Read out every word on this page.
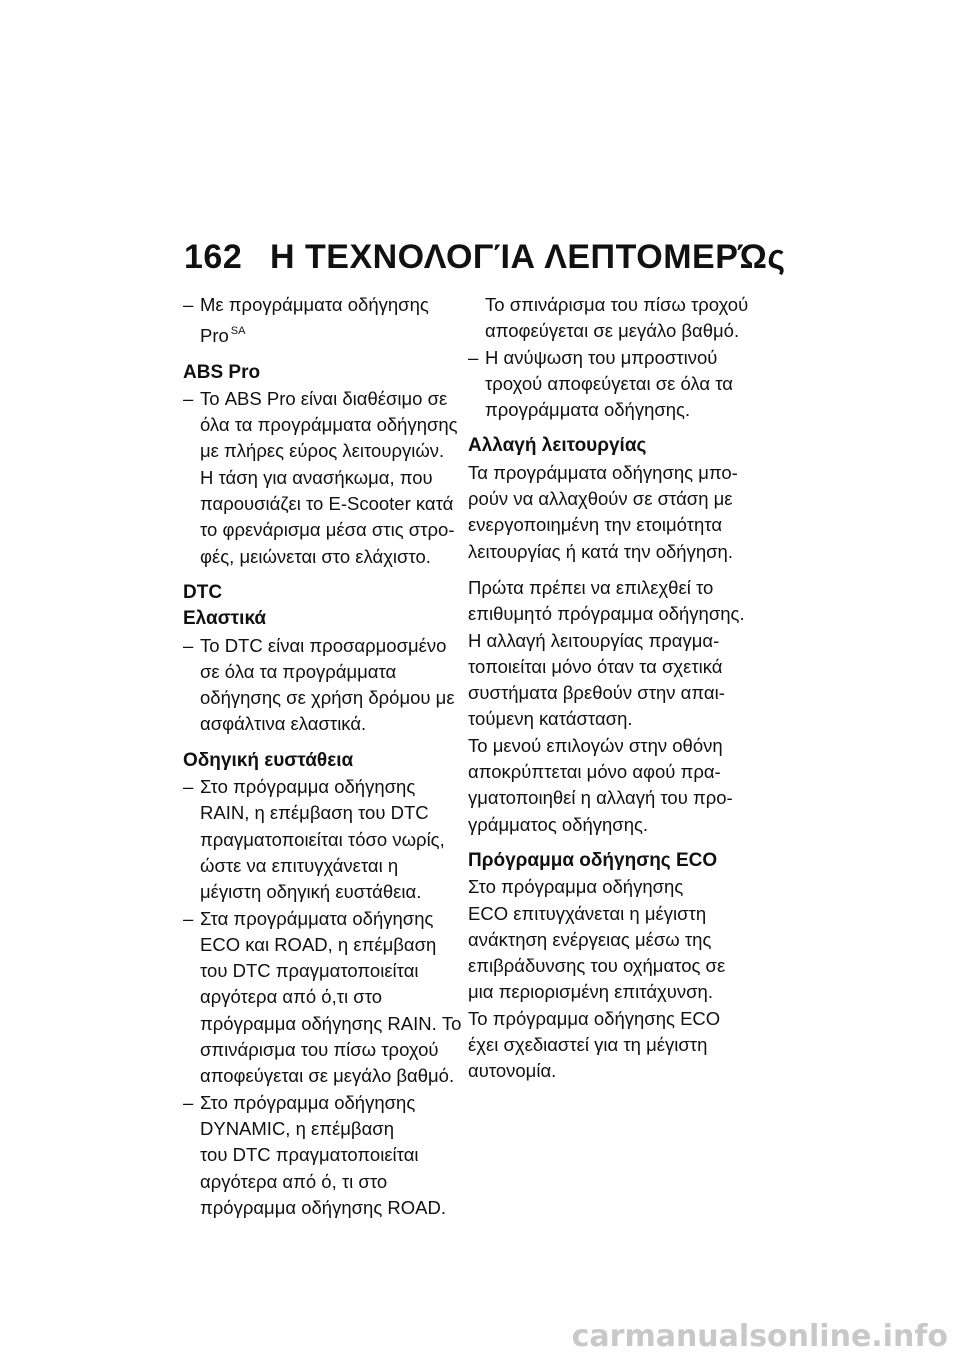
162 Η ΤΕΧΝΟΛΟΓΊΑ ΛΕΠΤΟΜΕΡΏς
– Με προγράμματα οδήγησης
Pro $^{SA}$
ABS Pro
– Το ABS Pro είναι διαθέσιμο σε
όλα τα προγράμματα οδήγησης
με πλήρες εύρος λειτουργιών.
Η τάση για ανασήκωμα, που
παρουσιάζει το E-Scooter κατά
το φρενάρισμα μέσα στις στρο-
φές, μειώνεται στο ελάχιστο.
DTC
Ελαστικά
– Το DTC είναι προσαρμοσμένο
σε όλα τα προγράμματα
οδήγησης σε χρήση δρόμου με
ασφάλτινα ελαστικά.
Οδηγική ευστάθεια
– Στο πρόγραμμα οδήγησης
RAIN, η επέμβαση του DTC
πραγματοποιείται τόσο νωρίς,
ώστε να επιτυγχάνεται η
μέγιστη οδηγική ευστάθεια.
– Στα προγράμματα οδήγησης
ECO και ROAD, η επέμβαση
του DTC πραγματοποιείται
αργότερα από ό,τι στο
πρόγραμμα οδήγησης RAIN. Το
σπινάρισμα του πίσω τροχού
αποφεύγεται σε μεγάλο βαθμό.
– Στο πρόγραμμα οδήγησης
DYNAMIC, η επέμβαση
του DTC πραγματοποιείται
αργότερα από ό, τι στο
πρόγραμμα οδήγησης ROAD.
Το σπινάρισμα του πίσω τροχού
αποφεύγεται σε μεγάλο βαθμό.
– Η ανύψωση του μπροστινού
τροχού αποφεύγεται σε όλα τα
προγράμματα οδήγησης.
Αλλαγή λειτουργίας

Τα προγράμματα οδήγησης μπο-
ρούν να αλλαχθούν σε στάση με
ενεργοποιημένη την ετοιμότητα
λειτουργίας ή κατά την οδήγηση.

Πρώτα πρέπει να επιλεχθεί το
επιθυμητό πρόγραμμα οδήγησης.
Η αλλαγή λειτουργίας πραγμα-
τοποιείται μόνο όταν τα σχετικά
συστήματα βρεθούν στην απαι-
τούμενη κατάσταση.

Το μενού επιλογών στην οθόνη
αποκρύπτεται μόνο αφού πρα-
γματοποιηθεί η αλλαγή του προ-
γράμματος οδήγησης.

Πρόγραμμα οδήγησης ECO

Στο πρόγραμμα οδήγησης
ECO επιτυγχάνεται η μέγιστη
ανάκτηση ενέργειας μέσω της
επιβράδυνσης του οχήματος σε
μια περιορισμένη επιτάχυνση.

Το πρόγραμμα οδήγησης ECO
έχει σχεδιαστεί για τη μέγιστη
αυτονομία.

carmanualsonline.info
